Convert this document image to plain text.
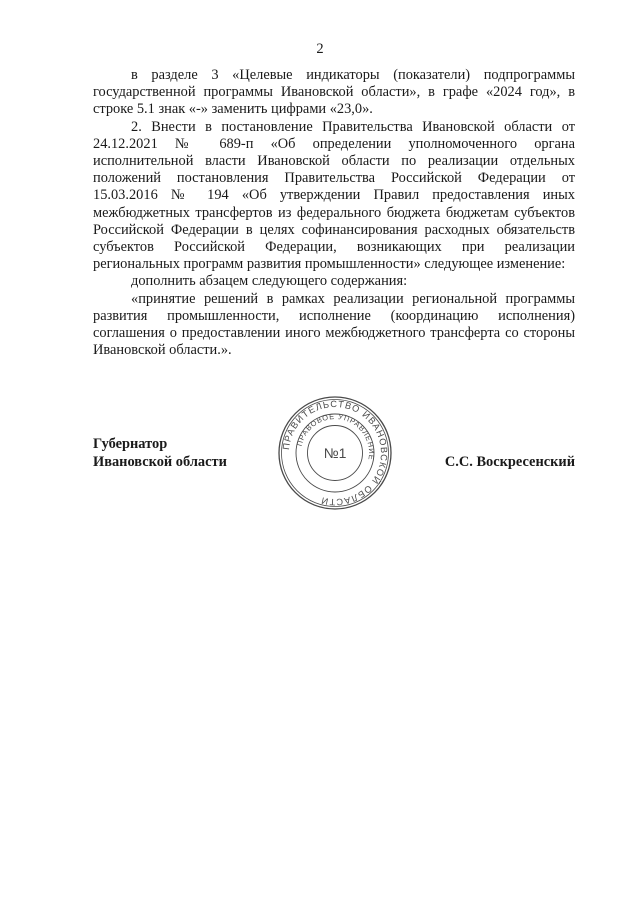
2

в разделе 3 «Целевые индикаторы (показатели) подпрограммы государственной программы Ивановской области», в графе «2024 год», в строке 5.1 знак «-» заменить цифрами «23,0».

2. Внести в постановление Правительства Ивановской области от 24.12.2021 № 689-п «Об определении уполномоченного органа исполнительной власти Ивановской области по реализации отдельных положений постановления Правительства Российской Федерации от 15.03.2016 № 194 «Об утверждении Правил предоставления иных межбюджетных трансфертов из федерального бюджета бюджетам субъектов Российской Федерации в целях софинансирования расходных обязательств субъектов Российской Федерации, возникающих при реализации региональных программ развития промышленности» следующее изменение:

дополнить абзацем следующего содержания:

«принятие решений в рамках реализации региональной программы развития промышленности, исполнение (координацию исполнения) соглашения о предоставлении иного межбюджетного трансферта со стороны Ивановской области.».

Губернатор
Ивановской области	С.С. Воскресенский
ПРАВИТЕЛЬСТВО ИВАНОВСКОЙ ОБЛАСТИ
ПРАВОВОЕ УПРАВЛЕНИЕ
№1
